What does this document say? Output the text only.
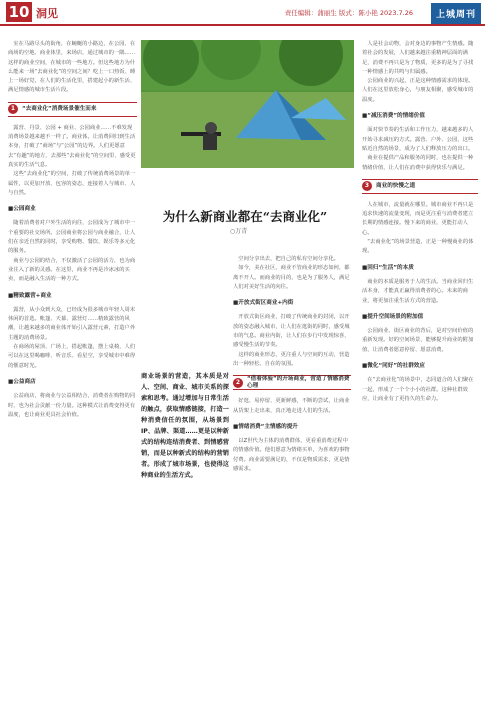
10 洞见	责任编辑：蒲丽生 版式：陈小艳 2023.7.26	上城周刊

室在马路尽头的街角，在蜿蜒的小路边，在公园、在商场的空地、商业体里，来场店，通过城市的一隅……这样的商业空间，在城市的一些地方。但这些地方为什么能来一场“去商业化”的空间之间？吃上一口热饭、睡上一场好觉，在人们的生活化里，搭建起小的新生活、满足情感的城市生活片段。

1	“去商业化”消费场景催生而来

露营、丹景、公园 + 商业、公园商业……不难发现消费场景越来越不一样了。商业体，让消费回归到生活本身，打破了“商场”与“公园”的边界。人们更愿意去“有趣”的地方，去那些“去商业化”的空间里，感受更真实的生活气息。

这些“去商业化”的空间，打破了传统消费场景的单一属性，以更加开放、包容的姿态，连接着人与城市、人与自然。

■公园商业

随着消费者对户外生活的向往，公园成为了城市中一个重要的社交场所。公园商业将公园与商业融合，让人们在亲近自然的同时，享受购物、餐饮、娱乐等多元化的服务。

商业与公园的结合，不仅激活了公园的活力，也为商业注入了新的灵感。在这里，商业不再是冷冰冰的买卖，而是融入生活的一种方式。

■精致露营+商业

露营，从小众到大众，已经成为很多城市年轻人周末休闲的首选。帐篷、天幕、露营灯……精致露营的风潮，让越来越多的商业体开始引入露营元素，打造户外主题的消费场景。

在商场的屋顶、广场上，搭起帐篷，摆上桌椅，人们可以在这里喝咖啡、听音乐、看星空，享受城市中难得的惬意时光。

■公益商店

公益商店，将商业与公益相结合，消费者在购物的同时，也为社会贡献一份力量。这种模式让消费变得更有温度，也让商业更具社会价值。

为什么新商业都在“去商业化”
○万青
商业场景的营造，其本质是对人、空间、商业、城市关系的探索和思考。通过增加与日常生活的触点，获取情感链接，打造一种消费信任的氛围，从场景到IP、品牌、渠道……更是以种新式的结构连结消费者、到情感营销，而是以种新式的结构的营销者。形成了城市场景，也使得这种商业的生活方式。

空间分享出去，把自己的私有空间分享化。

如今，美在社区，商业不管商业的形态如何，都离不开人。而商业的目的，也是为了服务人，满足人们对美好生活的向往。

■开放式街区商业+内街

开放式街区商业，打破了传统商业的封闭，以开放的姿态融入城市，让人们在逛街的同时，感受城市的气息。商业内街，让人们在步行中发现惊喜，感受慢生活的节奏。

这样的商业形态，更注重人与空间的互动，营造出一种轻松、自在的氛围。

2	“借着体验”的开场商业，营造了情感消费心理

好逛、易停留、更新鲜感，不断的尝试，让商业从货架上走出来，真正地走进人们的生活。

■情绪消费“主情感的提升

以Z世代为主体的消费群体，更看重消费过程中的情感价值。他们愿意为情绪买单，为喜欢的事物付费。商业需要满足的，不仅是物质需求，更是情感需求。

人是社会动物，会对身边的事物产生情感。随着社会的发展，人们越来越注重精神层面的满足，消费不再只是为了物质，更多的是为了寻找一种情感上的共鸣与归属感。

公园商业的兴起，正是这种情感需求的体现。人们在这里放松身心，与朋友相聚，感受城市的温度。

■“减压消费”的情绪价值

面对快节奏的生活和工作压力，越来越多的人开始寻求减压的方式。露营、户外、公园，这些贴近自然的场景，成为了人们释放压力的出口。

商业在提供产品和服务的同时，也在提供一种情绪价值，让人们在消费中获得快乐与满足。

3	商业的快慢之道

人在城市，流量就在哪里。城市商业不再只是追求快速的流量变现，而是更注重与消费者建立长期的情感连接。慢下来的商业，更能打动人心。

“去商业化”的场景营造，正是一种慢商业的体现。

■回归“生活”的本质

商业的本质是服务于人的生活。当商业回归生活本身，才能真正赢得消费者的心。未来的商业，将更加注重生活方式的营造。

■提升空间场景的附加值

公园商业、街区商业的背后，是对空间价值的重新发现。好的空间场景，能够提升商业的附加值，让消费者愿意停留、愿意消费。

■微化“同好”的社群效应

在“去商业化”的场景中，志同道合的人们聚在一起，形成了一个个小小的社群。这种社群效应，让商业有了更持久的生命力。
